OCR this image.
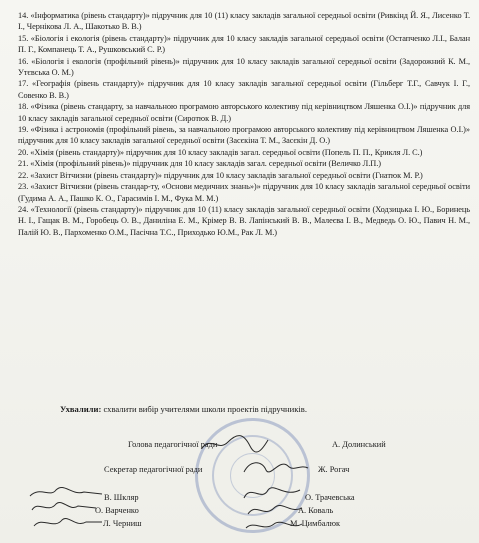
14. «Інформатика (рівень стандарту)» підручник для 10 (11) класу закладів загальної середньої освіти (Ривкінд Й. Я., Лисенко Т. І., Чернікова Л. А., Шакотько В. В.)

15. «Біологія і екологія (рівень стандарту)» підручник для 10 класу закладів загальної середньої освіти (Остапченко Л.І., Балан П. Г., Компанець Т. А., Рушковський С. Р.)

16. «Біологія і екологія (профільний рівень)» підручник для 10 класу закладів загальної середньої освіти (Задорожний К. М., Утєвська О. М.)

17. «Географія (рівень стандарту)» підручник для 10 класу закладів загальної середньої освіти (Гільберг Т.Г., Савчук І. Г., Совенко В. В.)

18. «Фізика (рівень стандарту, за навчальною програмою авторського колективу під керівництвом Ляшенка О.І.)» підручник для 10 класу закладів загальної середньої освіти (Сиротюк В. Д.)

19. «Фізика і астрономія (профільний рівень, за навчальною програмою авторського колективу під керівництвом Ляшенка О.І.)» підручник для 10 класу закладів загальної середньої освіти (Засєкіна Т. М., Засєкін Д. О.)

20. «Хімія (рівень стандарту)» підручник для 10 класу закладів загал. середньої освіти (Попель П. П., Крикля Л. С.)

21. «Хімія (профільний рівень)» підручник для 10 класу закладів загал. середньої освіти (Величко Л.П.)

22. «Захист Вітчизни (рівень стандарту)» підручник для 10 класу закладів загальної середньої освіти (Гнатюк М. Р.)

23. «Захист Вітчизни (рівень стандар-ту, «Основи медичних знань»)» підручник для 10 класу закладів загальної середньої освіти (Гудима А. А., Пашко К. О., Гарасимів І. М., Фука М. М.)

24. «Технології (рівень стандарту)» підручник для 10 (11) класу закладів загальної середньої освіти (Ходзицька І. Ю., Боринець Н. І., Гащак В. М., Горобець О. В., Даниліна Е. М., Крімер В. В. Лапінський В. В., Малеєва І. В., Медведь О. Ю., Павич Н. М., Палій Ю. В., Пархоменко О.М., Пасічна Т.С., Приходько Ю.М., Рак Л. М.)

Ухвалили: схвалити вибір учителями школи проектів підручників.
Голова педагогічної ради	А. Долинський
Секретар педагогічної ради	Ж. Рогач
В. Шкляр
О. Варченко
Л. Черниш
О. Трачевська
А. Коваль
М. Цимбалюк
